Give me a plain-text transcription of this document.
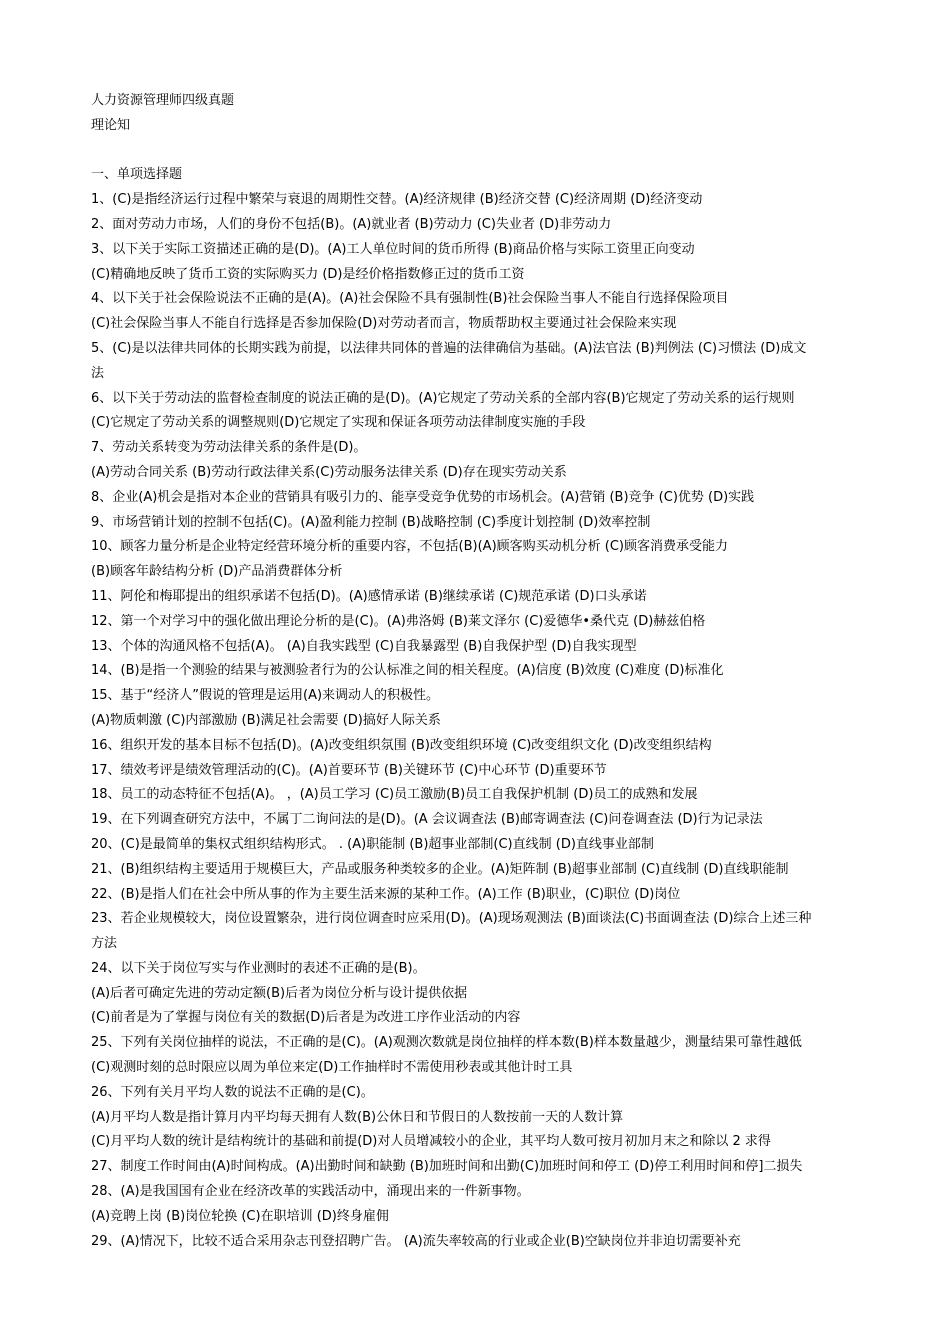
人力资源管理师四级真题
理论知
一、单项选择题
1、(C)是指经济运行过程中繁荣与衰退的周期性交替。(A)经济规律 (B)经济交替 (C)经济周期 (D)经济变动
2、面对劳动力市场，人们的身份不包括(B)。(A)就业者 (B)劳动力 (C)失业者 (D)非劳动力
3、以下关于实际工资描述正确的是(D)。(A)工人单位时间的货币所得 (B)商品价格与实际工资里正向变动
(C)精确地反映了货币工资的实际购买力 (D)是经价格指数修正过的货币工资
4、以下关于社会保险说法不正确的是(A)。(A)社会保险不具有强制性(B)社会保险当事人不能自行选择保险项目
(C)社会保险当事人不能自行选择是否参加保险(D)对劳动者而言，物质帮助权主要通过社会保险来实现
5、(C)是以法律共同体的长期实践为前提，以法律共同体的普遍的法律确信为基础。(A)法官法 (B)判例法 (C)习惯法 (D)成文
法
6、以下关于劳动法的监督检查制度的说法正确的是(D)。(A)它规定了劳动关系的全部内容(B)它规定了劳动关系的运行规则
(C)它规定了劳动关系的调整规则(D)它规定了实现和保证各项劳动法律制度实施的手段
7、劳动关系转变为劳动法律关系的条件是(D)。
(A)劳动合同关系 (B)劳动行政法律关系(C)劳动服务法律关系 (D)存在现实劳动关系
8、企业(A)机会是指对本企业的营销具有吸引力的、能享受竞争优势的市场机会。(A)营销 (B)竞争 (C)优势 (D)实践
9、市场营销计划的控制不包括(C)。(A)盈利能力控制 (B)战略控制 (C)季度计划控制 (D)效率控制
10、顾客力量分析是企业特定经营环境分析的重要内容，不包括(B)(A)顾客购买动机分析 (C)顾客消费承受能力
(B)顾客年龄结构分析 (D)产品消费群体分析
11、阿伦和梅耶提出的组织承诺不包括(D)。(A)感情承诺 (B)继续承诺 (C)规范承诺 (D)口头承诺
12、第一个对学习中的强化做出理论分析的是(C)。(A)弗洛姆 (B)莱文泽尔 (C)爱德华•桑代克 (D)赫兹伯格
13、个体的沟通风格不包括(A)。 (A)自我实践型 (C)自我暴露型 (B)自我保护型 (D)自我实现型
14、(B)是指一个测验的结果与被测验者行为的公认标准之间的相关程度。(A)信度 (B)效度 (C)难度 (D)标准化
15、基于“经济人”假说的管理是运用(A)来调动人的积极性。
(A)物质刺激 (C)内部激励 (B)满足社会需要 (D)搞好人际关系
16、组织开发的基本目标不包括(D)。(A)改变组织氛围 (B)改变组织环境 (C)改变组织文化 (D)改变组织结构
17、绩效考评是绩效管理活动的(C)。(A)首要环节 (B)关键环节 (C)中心环节 (D)重要环节
18、员工的动态特征不包括(A)。 ，(A)员工学习 (C)员工激励(B)员工自我保护机制 (D)员工的成熟和发展
19、在下列调查研究方法中，不属丁二询问法的是(D)。(A 会议调查法 (B)邮寄调查法 (C)问卷调查法 (D)行为记录法
20、(C)是最简单的集权式组织结构形式。 . (A)职能制 (B)超事业部制(C)直线制 (D)直线事业部制
21、(B)组织结构主要适用于规模巨大，产品或服务种类较多的企业。(A)矩阵制 (B)超事业部制 (C)直线制 (D)直线职能制
22、(B)是指人们在社会中所从事的作为主要生活来源的某种工作。(A)工作 (B)职业，(C)职位 (D)岗位
23、若企业规模较大，岗位设置繁杂，进行岗位调查时应采用(D)。(A)现场观测法 (B)面谈法(C)书面调查法 (D)综合上述三种
方法
24、以下关于岗位写实与作业测时的表述不正确的是(B)。
(A)后者可确定先进的劳动定额(B)后者为岗位分析与设计提供依据
(C)前者是为了掌握与岗位有关的数据(D)后者是为改进工序作业活动的内容
25、下列有关岗位抽样的说法，不正确的是(C)。(A)观测次数就是岗位抽样的样本数(B)样本数量越少，测量结果可靠性越低
(C)观测时刻的总时限应以周为单位来定(D)工作抽样时不需使用秒表或其他计时工具
26、下列有关月平均人数的说法不正确的是(C)。
(A)月平均人数是指计算月内平均每天拥有人数(B)公休日和节假日的人数按前一天的人数计算
(C)月平均人数的统计是结构统计的基础和前提(D)对人员增减较小的企业，其平均人数可按月初加月末之和除以 2 求得
27、制度工作时间由(A)时间构成。(A)出勤时间和缺勤 (B)加班时间和出勤(C)加班时间和停工 (D)停工利用时间和停]二损失
28、(A)是我国国有企业在经济改革的实践活动中，涌现出来的一件新事物。
(A)竞聘上岗 (B)岗位轮换 (C)在职培训 (D)终身雇佣
29、(A)情况下，比较不适合采用杂志刊登招聘广告。 (A)流失率较高的行业或企业(B)空缺岗位并非迫切需要补充
